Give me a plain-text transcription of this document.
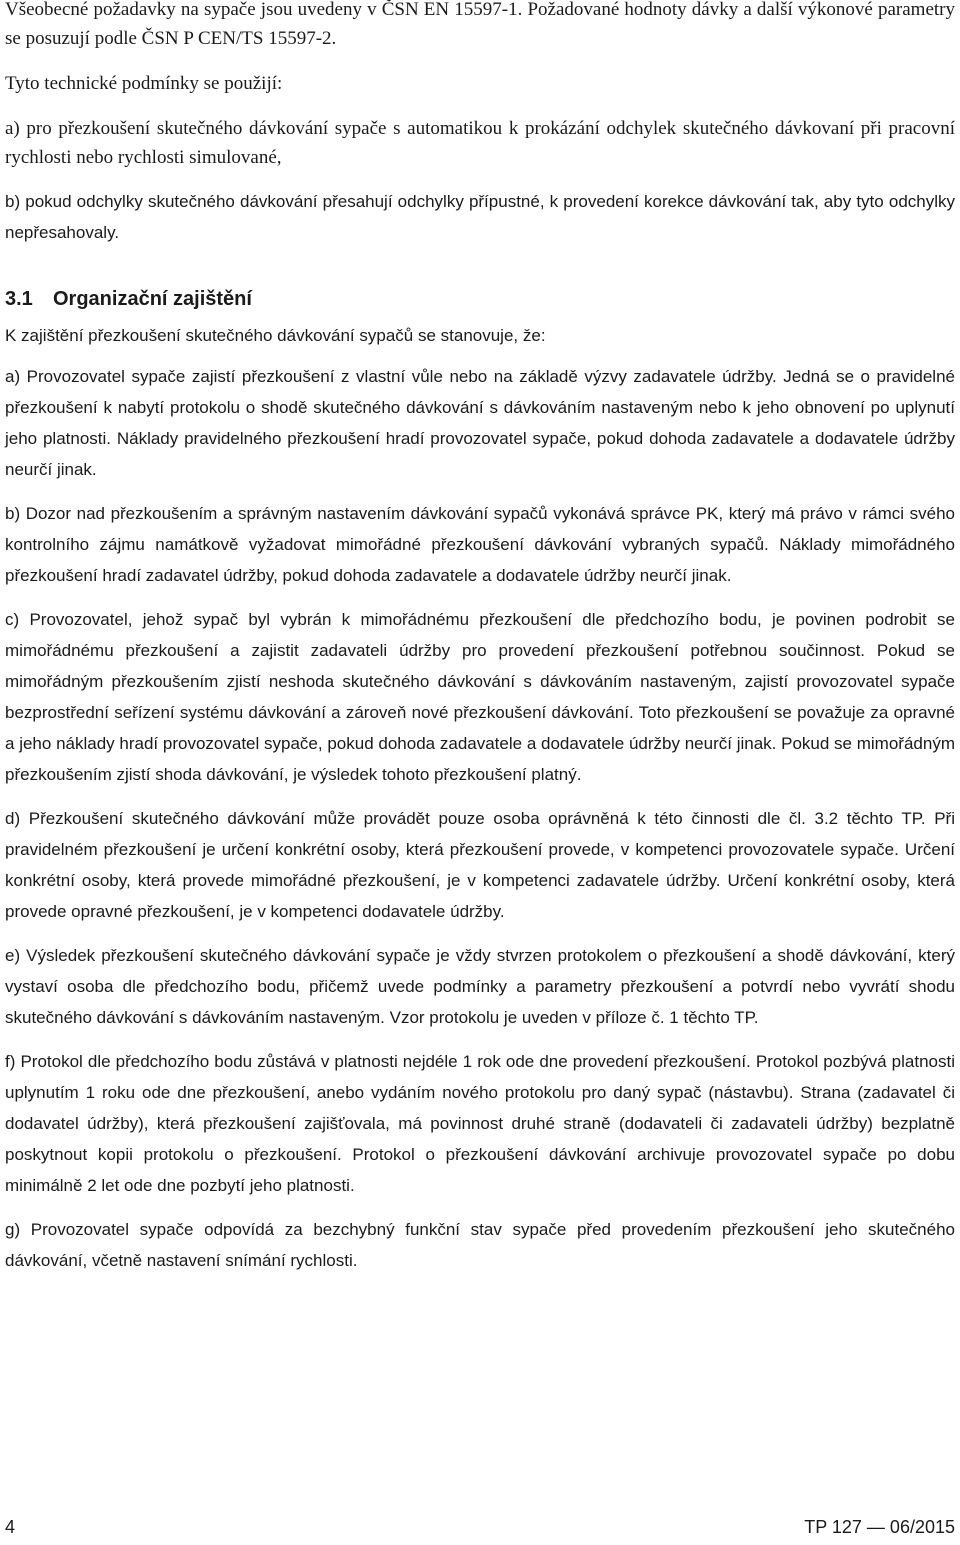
Všeobecné požadavky na sypače jsou uvedeny v ČSN EN 15597-1. Požadované hodnoty dávky a další výkonové parametry se posuzují podle ČSN P CEN/TS 15597-2.

Tyto technické podmínky se použijí:

a) pro přezkoušení skutečného dávkování sypače s automatikou k prokázání odchylek skutečného dávkovaní při pracovní rychlosti nebo rychlosti simulované,

b) pokud odchylky skutečného dávkování přesahují odchylky přípustné, k provedení korekce dávkování tak, aby tyto odchylky nepřesahovaly.

3.1 Organizační zajištění

K zajištění přezkoušení skutečného dávkování sypačů se stanovuje, že:

a) Provozovatel sypače zajistí přezkoušení z vlastní vůle nebo na základě výzvy zadavatele údržby. Jedná se o pravidelné přezkoušení k nabytí protokolu o shodě skutečného dávkování s dávkováním nastaveným nebo k jeho obnovení po uplynutí jeho platnosti. Náklady pravidelného přezkoušení hradí provozovatel sypače, pokud dohoda zadavatele a dodavatele údržby neurčí jinak.

b) Dozor nad přezkoušením a správným nastavením dávkování sypačů vykonává správce PK, který má právo v rámci svého kontrolního zájmu namátkově vyžadovat mimořádné přezkoušení dávkování vybraných sypačů. Náklady mimořádného přezkoušení hradí zadavatel údržby, pokud dohoda zadavatele a dodavatele údržby neurčí jinak.

c) Provozovatel, jehož sypač byl vybrán k mimořádnému přezkoušení dle předchozího bodu, je povinen podrobit se mimořádnému přezkoušení a zajistit zadavateli údržby pro provedení přezkoušení potřebnou součinnost. Pokud se mimořádným přezkoušením zjistí neshoda skutečného dávkování s dávkováním nastaveným, zajistí provozovatel sypače bezprostřední seřízení systému dávkování a zároveň nové přezkoušení dávkování. Toto přezkoušení se považuje za opravné a jeho náklady hradí provozovatel sypače, pokud dohoda zadavatele a dodavatele údržby neurčí jinak. Pokud se mimořádným přezkoušením zjistí shoda dávkování, je výsledek tohoto přezkoušení platný.

d) Přezkoušení skutečného dávkování může provádět pouze osoba oprávněná k této činnosti dle čl. 3.2 těchto TP. Při pravidelném přezkoušení je určení konkrétní osoby, která přezkoušení provede, v kompetenci provozovatele sypače. Určení konkrétní osoby, která provede mimořádné přezkoušení, je v kompetenci zadavatele údržby. Určení konkrétní osoby, která provede opravné přezkoušení, je v kompetenci dodavatele údržby.

e) Výsledek přezkoušení skutečného dávkování sypače je vždy stvrzen protokolem o přezkoušení a shodě dávkování, který vystaví osoba dle předchozího bodu, přičemž uvede podmínky a parametry přezkoušení a potvrdí nebo vyvrátí shodu skutečného dávkování s dávkováním nastaveným. Vzor protokolu je uveden v příloze č. 1 těchto TP.

f) Protokol dle předchozího bodu zůstává v platnosti nejdéle 1 rok ode dne provedení přezkoušení. Protokol pozbývá platnosti uplynutím 1 roku ode dne přezkoušení, anebo vydáním nového protokolu pro daný sypač (nástavbu). Strana (zadavatel či dodavatel údržby), která přezkoušení zajišťovala, má povinnost druhé straně (dodavateli či zadavateli údržby) bezplatně poskytnout kopii protokolu o přezkoušení. Protokol o přezkoušení dávkování archivuje provozovatel sypače po dobu minimálně 2 let ode dne pozbytí jeho platnosti.

g) Provozovatel sypače odpovídá za bezchybný funkční stav sypače před provedením přezkoušení jeho skutečného dávkování, včetně nastavení snímání rychlosti.

4	TP 127 — 06/2015
